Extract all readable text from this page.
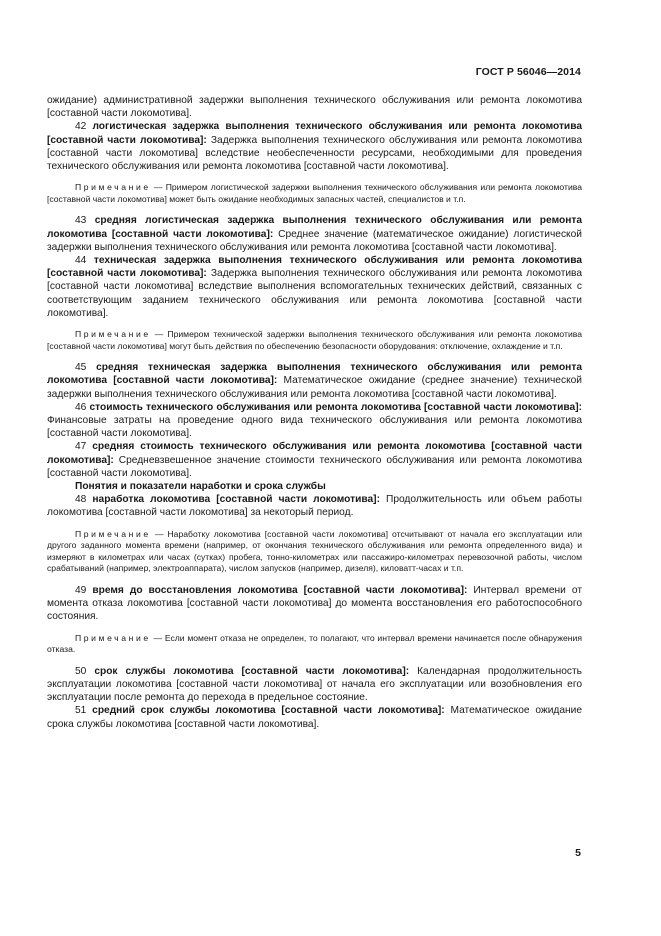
ГОСТ Р 56046—2014

ожидание) административной задержки выполнения технического обслуживания или ремонта локомотива [составной части локомотива].

42 логистическая задержка выполнения технического обслуживания или ремонта локомотива [составной части локомотива]: Задержка выполнения технического обслуживания или ремонта локомотива [составной части локомотива] вследствие необеспеченности ресурсами, необходимыми для проведения технического обслуживания или ремонта локомотива [составной части локомотива].

Примечание — Примером логистической задержки выполнения технического обслуживания или ремонта локомотива [составной части локомотива] может быть ожидание необходимых запасных частей, специалистов и т.п.

43 средняя логистическая задержка выполнения технического обслуживания или ремонта локомотива [составной части локомотива]: Среднее значение (математическое ожидание) логистической задержки выполнения технического обслуживания или ремонта локомотива [составной части локомотива].

44 техническая задержка выполнения технического обслуживания или ремонта локомотива [составной части локомотива]: Задержка выполнения технического обслуживания или ремонта локомотива [составной части локомотива] вследствие выполнения вспомогательных технических действий, связанных с соответствующим заданием технического обслуживания или ремонта локомотива [составной части локомотива].

Примечание — Примером технической задержки выполнения технического обслуживания или ремонта локомотива [составной части локомотива] могут быть действия по обеспечению безопасности оборудования: отключение, охлаждение и т.п.

45 средняя техническая задержка выполнения технического обслуживания или ремонта локомотива [составной части локомотива]: Математическое ожидание (среднее значение) технической задержки выполнения технического обслуживания или ремонта локомотива [составной части локомотива].

46 стоимость технического обслуживания или ремонта локомотива [составной части локомотива]: Финансовые затраты на проведение одного вида технического обслуживания или ремонта локомотива [составной части локомотива].

47 средняя стоимость технического обслуживания или ремонта локомотива [составной части локомотива]: Средневзвешенное значение стоимости технического обслуживания или ремонта локомотива [составной части локомотива].

Понятия и показатели наработки и срока службы

48 наработка локомотива [составной части локомотива]: Продолжительность или объем работы локомотива [составной части локомотива] за некоторый период.

Примечание — Наработку локомотива [составной части локомотива] отсчитывают от начала его эксплуатации или другого заданного момента времени (например, от окончания технического обслуживания или ремонта определенного вида) и измеряют в километрах или часах (сутках) пробега, тонно-километрах или пассажиро-километрах перевозочной работы, числом срабатываний (например, электроаппарата), числом запусков (например, дизеля), киловатт-часах и т.п.

49 время до восстановления локомотива [составной части локомотива]: Интервал времени от момента отказа локомотива [составной части локомотива] до момента восстановления его работоспособного состояния.

Примечание — Если момент отказа не определен, то полагают, что интервал времени начинается после обнаружения отказа.

50 срок службы локомотива [составной части локомотива]: Календарная продолжительность эксплуатации локомотива [составной части локомотива] от начала его эксплуатации или возобновления его эксплуатации после ремонта до перехода в предельное состояние.

51 средний срок службы локомотива [составной части локомотива]: Математическое ожидание срока службы локомотива [составной части локомотива].

5
